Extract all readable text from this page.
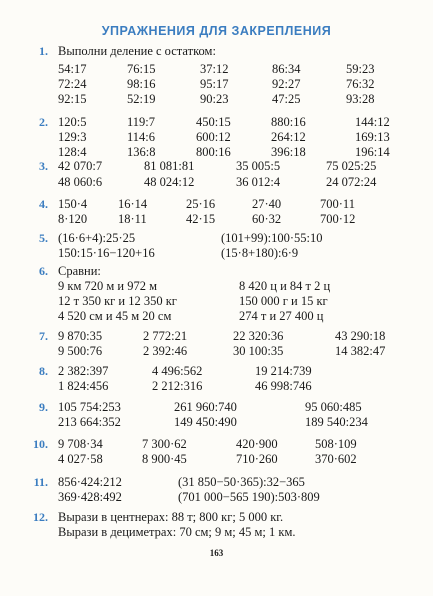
УПРАЖНЕНИЯ ДЛЯ ЗАКРЕПЛЕНИЯ
1. Выполни деление с остатком:
54:17	76:15	37:12	86:34	59:23
72:24	98:16	95:17	92:27	76:32
92:15	52:19	90:23	47:25	93:28
2. 120:5	119:7	450:15	880:16	144:12
129:3	114:6	600:12	264:12	169:13
128:4	136:8	800:16	396:18	196:14
3. 42 070:7	81 081:81	35 005:5	75 025:25
48 060:6	48 024:12	36 012:4	24 072:24
4. 150·4 16·14	25·16	27·40	700·11
8·120 18·11	42·15	60·32	700·12
5. (16·6+4):25·25	(101+99):100·55:10
150:15·16−120+16	(15·8+180):6·9
6. Сравни:
9 км 720 м и 972 м	8 420 ц и 84 т 2 ц
12 т 350 кг и 12 350 кг	150 000 г и 15 кг
4 520 см и 45 м 20 см	274 т и 27 400 ц
7. 9 870:35	2 772:21	22 320:36	43 290:18
9 500:76	2 392:46	30 100:35	14 382:47
8. 2 382:397	4 496:562	19 214:739
1 824:456	2 212:316	46 998:746
9. 105 754:253	261 960:740	95 060:485
213 664:352	149 450:490	189 540:234
10. 9 708·34	7 300·62	420·900	508·109
4 027·58	8 900·45	710·260	370·602
11. 856·424:212	(31 850−50·365):32−365
369·428:492	(701 000−565 190):503·809
12. Вырази в центнерах: 88 т; 800 кг; 5 000 кг.
Вырази в дециметрах: 70 см; 9 м; 45 м; 1 км.
163
